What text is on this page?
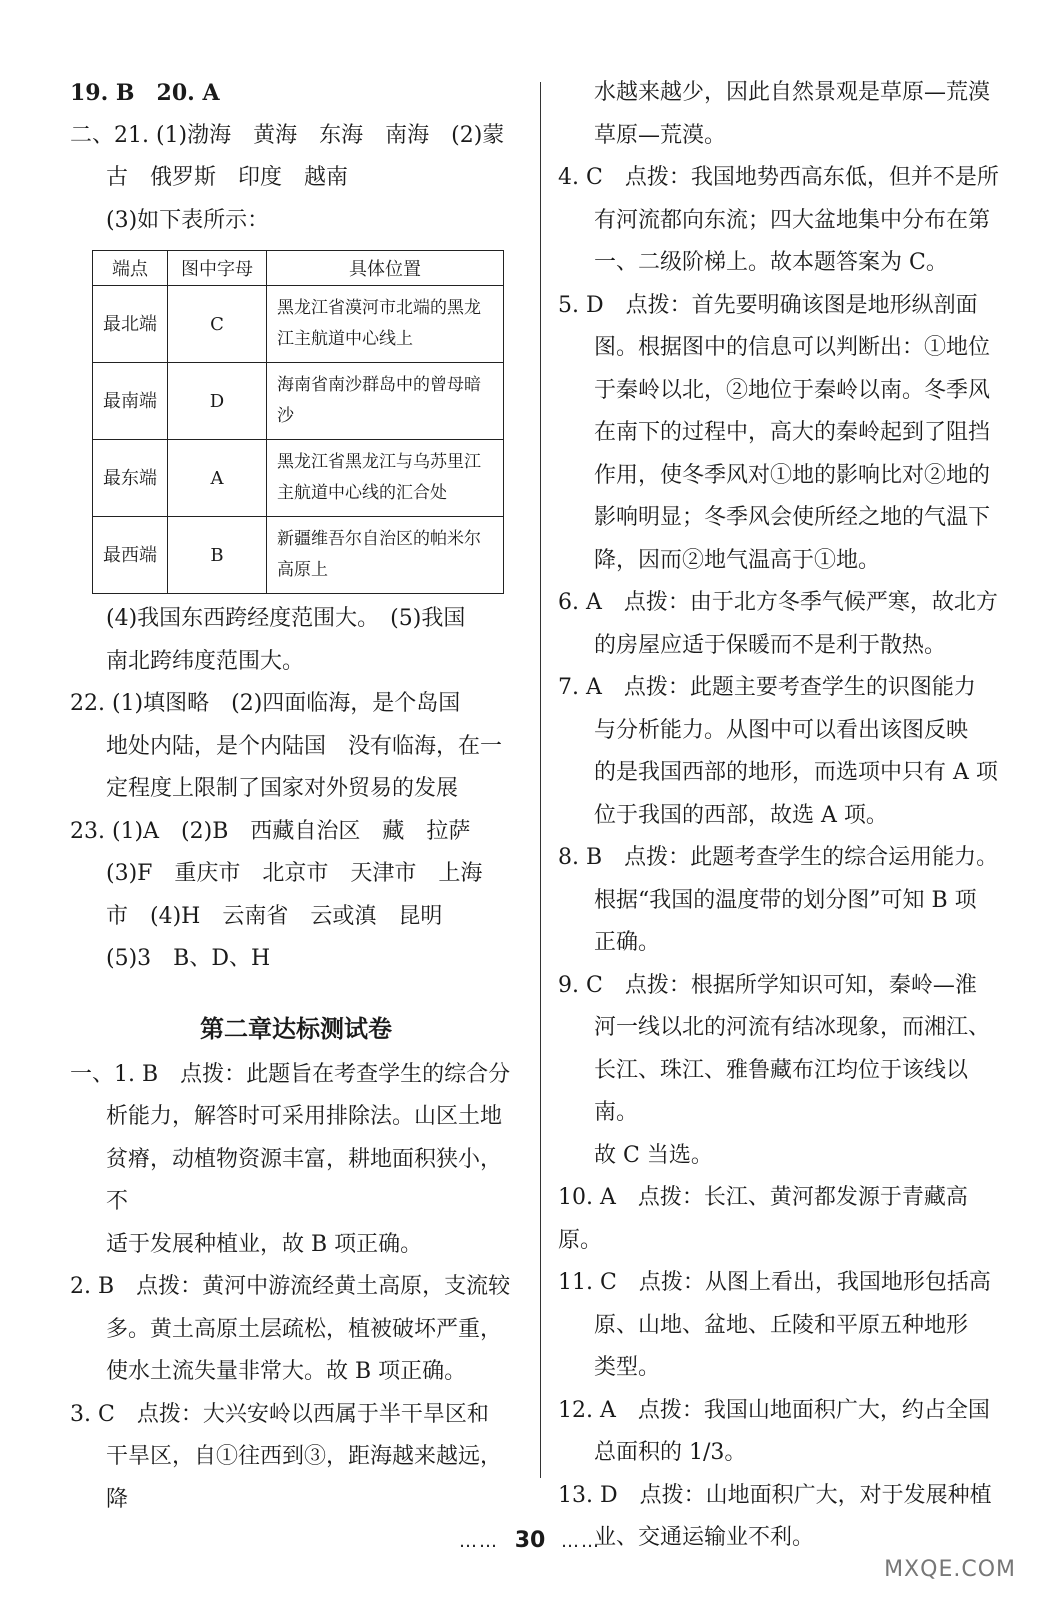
19. B　20. A

二、21. (1)渤海　黄海　东海　南海　(2)蒙

古　俄罗斯　印度　越南

(3)如下表所示：

端点	图中字母	具体位置
最北端	C	黑龙江省漠河市北端的黑龙江主航道中心线上
最南端	D	海南省南沙群岛中的曾母暗沙
最东端	A	黑龙江省黑龙江与乌苏里江主航道中心线的汇合处
最西端	B	新疆维吾尔自治区的帕米尔高原上

(4)我国东西跨经度范围大。　(5)我国

南北跨纬度范围大。

22. (1)填图略　(2)四面临海，是个岛国

地处内陆，是个内陆国　没有临海，在一

定程度上限制了国家对外贸易的发展

23. (1)A　(2)B　西藏自治区　藏　拉萨

(3)F　重庆市　北京市　天津市　上海

市　(4)H　云南省　云或滇　昆明

(5)3　B、D、H

第二章达标测试卷

一、1. B　点拨：此题旨在考查学生的综合分

析能力，解答时可采用排除法。山区土地

贫瘠，动植物资源丰富，耕地面积狭小，不

适于发展种植业，故 B 项正确。

2. B　点拨：黄河中游流经黄土高原，支流较

多。黄土高原土层疏松，植被破坏严重，

使水土流失量非常大。故 B 项正确。

3. C　点拨：大兴安岭以西属于半干旱区和

干旱区，自①往西到③，距海越来越远，降

水越来越少，因此自然景观是草原—荒漠

草原—荒漠。

4. C　点拨：我国地势西高东低，但并不是所

有河流都向东流；四大盆地集中分布在第

一、二级阶梯上。故本题答案为 C。

5. D　点拨：首先要明确该图是地形纵剖面

图。根据图中的信息可以判断出：①地位

于秦岭以北，②地位于秦岭以南。冬季风

在南下的过程中，高大的秦岭起到了阻挡

作用，使冬季风对①地的影响比对②地的

影响明显；冬季风会使所经之地的气温下

降，因而②地气温高于①地。

6. A　点拨：由于北方冬季气候严寒，故北方

的房屋应适于保暖而不是利于散热。

7. A　点拨：此题主要考查学生的识图能力

与分析能力。从图中可以看出该图反映

的是我国西部的地形，而选项中只有 A 项

位于我国的西部，故选 A 项。

8. B　点拨：此题考查学生的综合运用能力。

根据“我国的温度带的划分图”可知 B 项

正确。

9. C　点拨：根据所学知识可知，秦岭—淮

河一线以北的河流有结冰现象，而湘江、

长江、珠江、雅鲁藏布江均位于该线以南。

故 C 当选。

10. A　点拨：长江、黄河都发源于青藏高原。

11. C　点拨：从图上看出，我国地形包括高

原、山地、盆地、丘陵和平原五种地形

类型。

12. A　点拨：我国山地面积广大，约占全国

总面积的 1/3。

13. D　点拨：山地面积广大，对于发展种植

业、交通运输业不利。

…… 30 ……
MXQE.COM
